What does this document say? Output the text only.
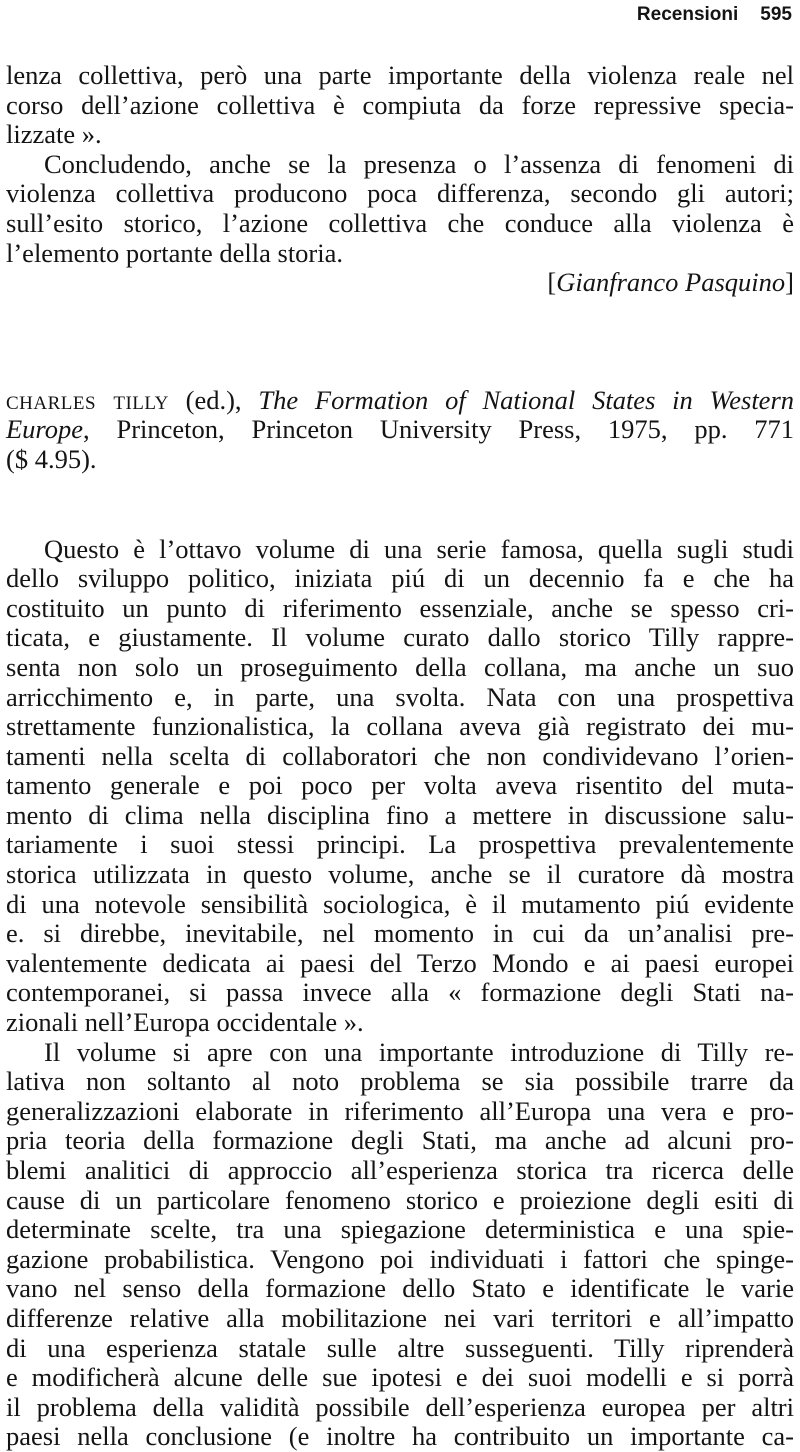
Recensioni 595

lenza collettiva, però una parte importante della violenza reale nel
corso dell’azione collettiva è compiuta da forze repressive specia-
lizzate ».

Concludendo, anche se la presenza o l’assenza di fenomeni di
violenza collettiva producono poca differenza, secondo gli autori;
sull’esito storico, l’azione collettiva che conduce alla violenza è
l’elemento portante della storia.

[Gianfranco Pasquino]

charles tilly (ed.), The Formation of National States in Western
Europe, Princeton, Princeton University Press, 1975, pp. 771
($ 4.95).

Questo è l’ottavo volume di una serie famosa, quella sugli studi
dello sviluppo politico, iniziata piú di un decennio fa e che ha
costituito un punto di riferimento essenziale, anche se spesso cri-
ticata, e giustamente. Il volume curato dallo storico Tilly rappre-
senta non solo un proseguimento della collana, ma anche un suo
arricchimento e, in parte, una svolta. Nata con una prospettiva
strettamente funzionalistica, la collana aveva già registrato dei mu-
tamenti nella scelta di collaboratori che non condividevano l’orien-
tamento generale e poi poco per volta aveva risentito del muta-
mento di clima nella disciplina fino a mettere in discussione salu-
tariamente i suoi stessi principi. La prospettiva prevalentemente
storica utilizzata in questo volume, anche se il curatore dà mostra
di una notevole sensibilità sociologica, è il mutamento piú evidente
e. si direbbe, inevitabile, nel momento in cui da un’analisi pre-
valentemente dedicata ai paesi del Terzo Mondo e ai paesi europei
contemporanei, si passa invece alla « formazione degli Stati na-
zionali nell’Europa occidentale ».

Il volume si apre con una importante introduzione di Tilly re-
lativa non soltanto al noto problema se sia possibile trarre da
generalizzazioni elaborate in riferimento all’Europa una vera e pro-
pria teoria della formazione degli Stati, ma anche ad alcuni pro-
blemi analitici di approccio all’esperienza storica tra ricerca delle
cause di un particolare fenomeno storico e proiezione degli esiti di
determinate scelte, tra una spiegazione deterministica e una spie-
gazione probabilistica. Vengono poi individuati i fattori che spinge-
vano nel senso della formazione dello Stato e identificate le varie
differenze relative alla mobilitazione nei vari territori e all’impatto
di una esperienza statale sulle altre susseguenti. Tilly riprenderà
e modificherà alcune delle sue ipotesi e dei suoi modelli e si porrà
il problema della validità possibile dell’esperienza europea per altri
paesi nella conclusione (e inoltre ha contribuito un importante ca-
